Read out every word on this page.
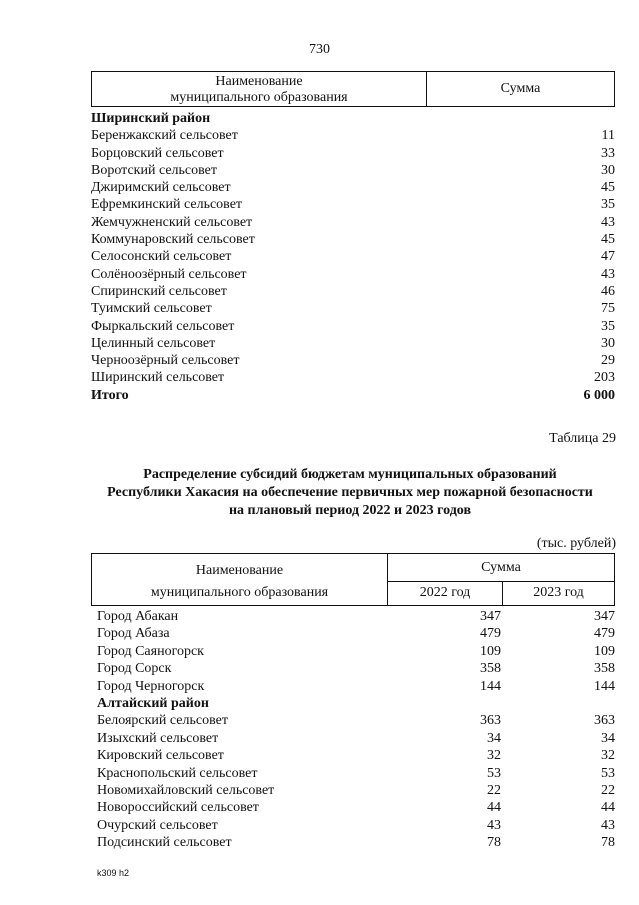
730
Наименование
муниципального образования
Сумма
Ширинский район
Беренжакский сельсовет	11
Борцовский сельсовет	33
Воротский сельсовет	30
Джиримский сельсовет	45
Ефремкинский сельсовет	35
Жемчужненский сельсовет	43
Коммунаровский сельсовет	45
Селосонский сельсовет	47
Солёноозёрный сельсовет	43
Спиринский сельсовет	46
Туимский сельсовет	75
Фыркальский сельсовет	35
Целинный сельсовет	30
Черноозёрный сельсовет	29
Ширинский сельсовет	203
Итого	6 000
Таблица 29
Распределение субсидий бюджетам муниципальных образований
Республики Хакасия на обеспечение первичных мер пожарной безопасности
на плановый период 2022 и 2023 годов
(тыс. рублей)
Наименование
муниципального образования
Сумма
2022 год	2023 год
Город Абакан	347	347
Город Абаза	479	479
Город Саяногорск	109	109
Город Сорск	358	358
Город Черногорск	144	144
Алтайский район
Белоярский сельсовет	363	363
Изыхский сельсовет	34	34
Кировский сельсовет	32	32
Краснопольский сельсовет	53	53
Новомихайловский сельсовет	22	22
Новороссийский сельсовет	44	44
Очурский сельсовет	43	43
Подсинский сельсовет	78	78
k309 h2
